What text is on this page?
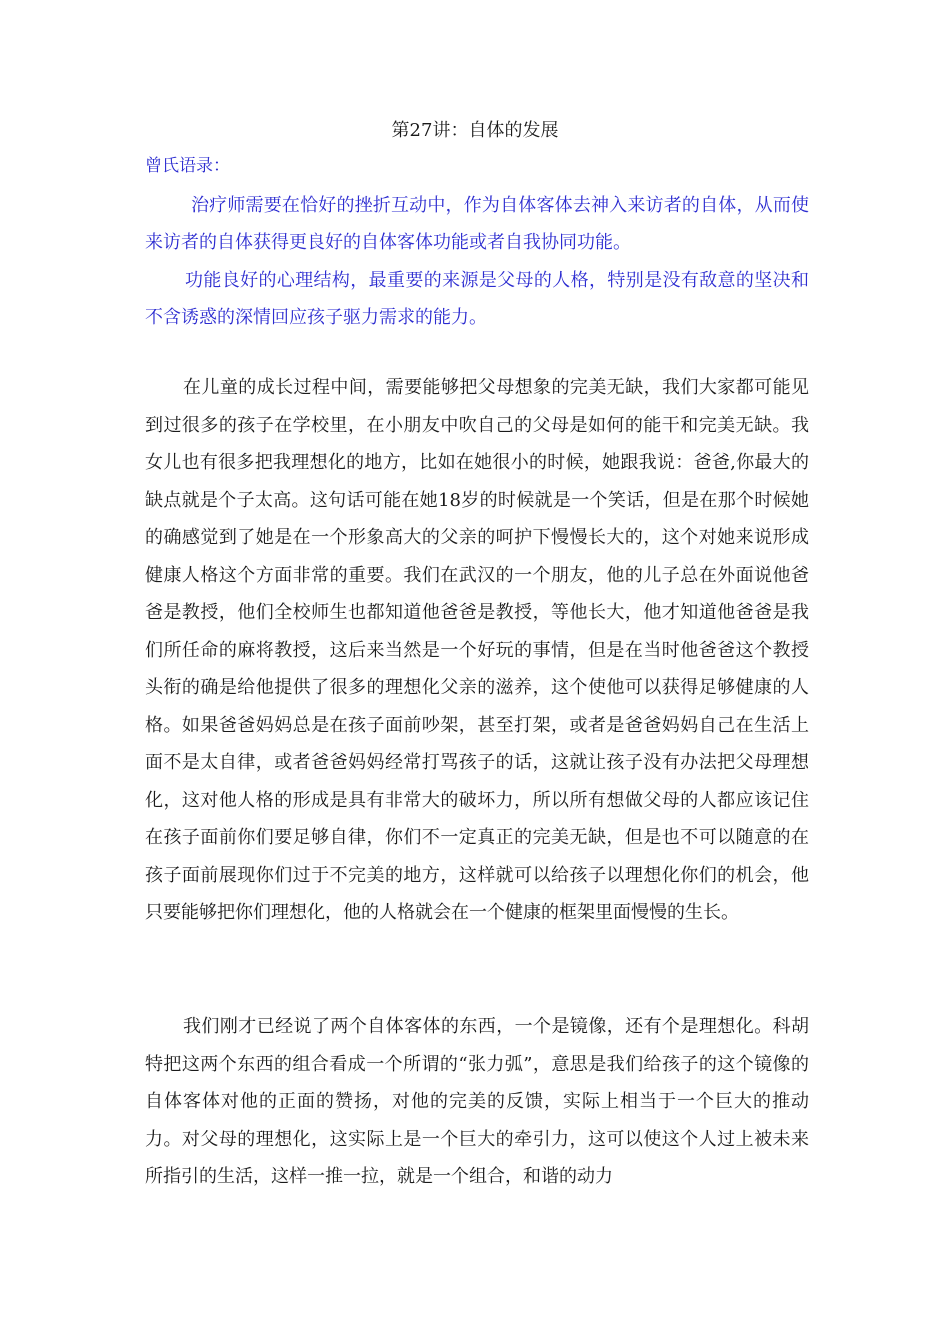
第27讲：自体的发展
曾氏语录：

治疗师需要在恰好的挫折互动中，作为自体客体去神入来访者的自体，从而使来访者的自体获得更良好的自体客体功能或者自我协同功能。

功能良好的心理结构，最重要的来源是父母的人格，特别是没有敌意的坚决和不含诱惑的深情回应孩子驱力需求的能力。

在儿童的成长过程中间，需要能够把父母想象的完美无缺，我们大家都可能见到过很多的孩子在学校里，在小朋友中吹自己的父母是如何的能干和完美无缺。我女儿也有很多把我理想化的地方，比如在她很小的时候，她跟我说：爸爸,你最大的缺点就是个子太高。这句话可能在她18岁的时候就是一个笑话，但是在那个时候她的确感觉到了她是在一个形象高大的父亲的呵护下慢慢长大的，这个对她来说形成健康人格这个方面非常的重要。我们在武汉的一个朋友，他的儿子总在外面说他爸爸是教授，他们全校师生也都知道他爸爸是教授，等他长大，他才知道他爸爸是我们所任命的麻将教授，这后来当然是一个好玩的事情，但是在当时他爸爸这个教授头衔的确是给他提供了很多的理想化父亲的滋养，这个使他可以获得足够健康的人格。如果爸爸妈妈总是在孩子面前吵架，甚至打架，或者是爸爸妈妈自己在生活上面不是太自律，或者爸爸妈妈经常打骂孩子的话，这就让孩子没有办法把父母理想化，这对他人格的形成是具有非常大的破坏力，所以所有想做父母的人都应该记住在孩子面前你们要足够自律，你们不一定真正的完美无缺，但是也不可以随意的在孩子面前展现你们过于不完美的地方，这样就可以给孩子以理想化你们的机会，他只要能够把你们理想化，他的人格就会在一个健康的框架里面慢慢的生长。

我们刚才已经说了两个自体客体的东西，一个是镜像，还有个是理想化。科胡特把这两个东西的组合看成一个所谓的“张力弧”，意思是我们给孩子的这个镜像的自体客体对他的正面的赞扬，对他的完美的反馈，实际上相当于一个巨大的推动力。对父母的理想化，这实际上是一个巨大的牵引力，这可以使这个人过上被未来所指引的生活，这样一推一拉，就是一个组合，和谐的动力
